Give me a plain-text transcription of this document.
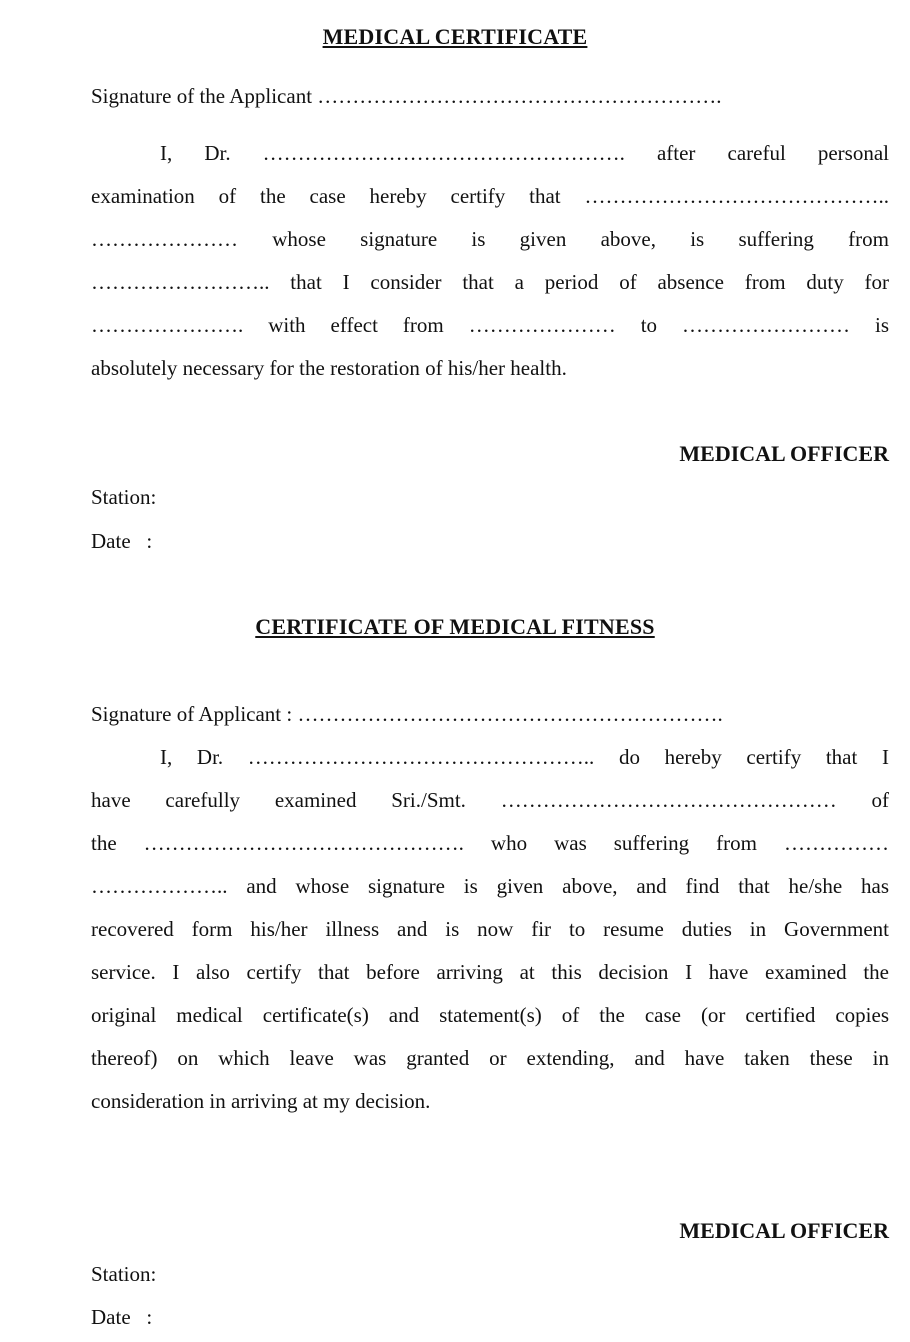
MEDICAL CERTIFICATE
Signature of the Applicant ………………………………………………….
I, Dr. ……………………………………………. after careful personal
examination of the case hereby certify that ……………………………………..
………………… whose signature is given above, is suffering from
…………………….. that I consider that a period of absence from duty for
…………………. with effect from ………………… to …………………… is
absolutely necessary for the restoration of his/her health.
MEDICAL OFFICER
Station:
Date   :
CERTIFICATE OF MEDICAL FITNESS
Signature of Applicant : …………………………………………………….
I, Dr. ………………………………………….. do hereby certify that I
have carefully examined Sri./Smt. ………………………………………… of
the ………………………………………. who was suffering from ……………
……………….. and whose signature is given above, and find that he/she has
recovered form his/her illness and is now fir to resume duties in Government
service. I also certify that before arriving at this decision I have examined the
original medical certificate(s) and statement(s) of the case (or certified copies
thereof) on which leave was granted or extending, and have taken these in
consideration in arriving at my decision.
MEDICAL OFFICER
Station:
Date   :
